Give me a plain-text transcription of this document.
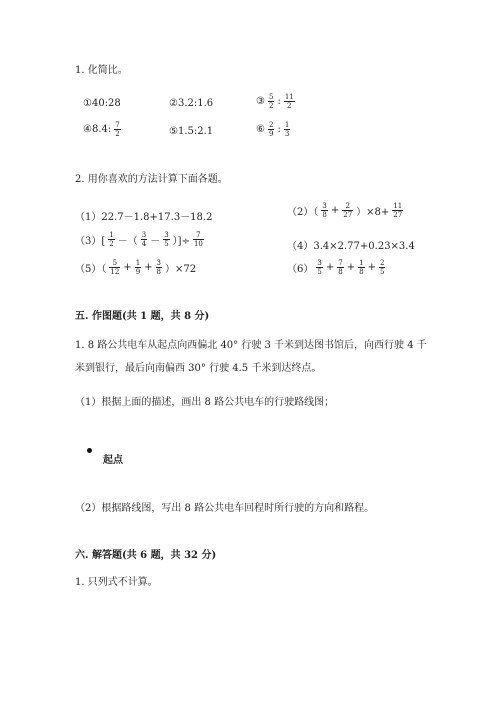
1. 化简比。
①40:28	②3.2:1.6	③ $\frac{5}{2}$ : $\frac{11}{2}$
④8.4: $\frac{7}{2}$	⑤1.5:2.1	⑥ $\frac{2}{9}$ : $\frac{1}{3}$
2. 用你喜欢的方法计算下面各题。
（1）22.7－1.8+17.3－18.2	$(2)( \frac{3}{8} + \frac{2}{27} )\times 8+ \frac{11}{27}$
$(3)[ \frac{1}{2}$ －（ $\frac{3}{4} - \frac{3}{5}$ ）]÷ $\frac{7}{10}$	（4）3.4×2.77+0.23×3.4
$(5)( \frac{5}{12} + \frac{1}{9} + \frac{3}{8} )\times 72$	$(6) \frac{3}{5} + \frac{7}{8} + \frac{1}{8} + \frac{2}{5}$
五. 作图题(共 1 题，共 8 分)
1. 8 路公共电车从起点向西偏北 40° 行驶 3 千米到达图书馆后，向西行驶 4 千
米到银行，最后向南偏西 30° 行驶 4.5 千米到达终点。
（1）根据上面的描述，画出 8 路公共电车的行驶路线图；
起点
（2）根据路线图，写出 8 路公共电车回程时所行驶的方向和路程。
六. 解答题(共 6 题，共 32 分)
1. 只列式不计算。
